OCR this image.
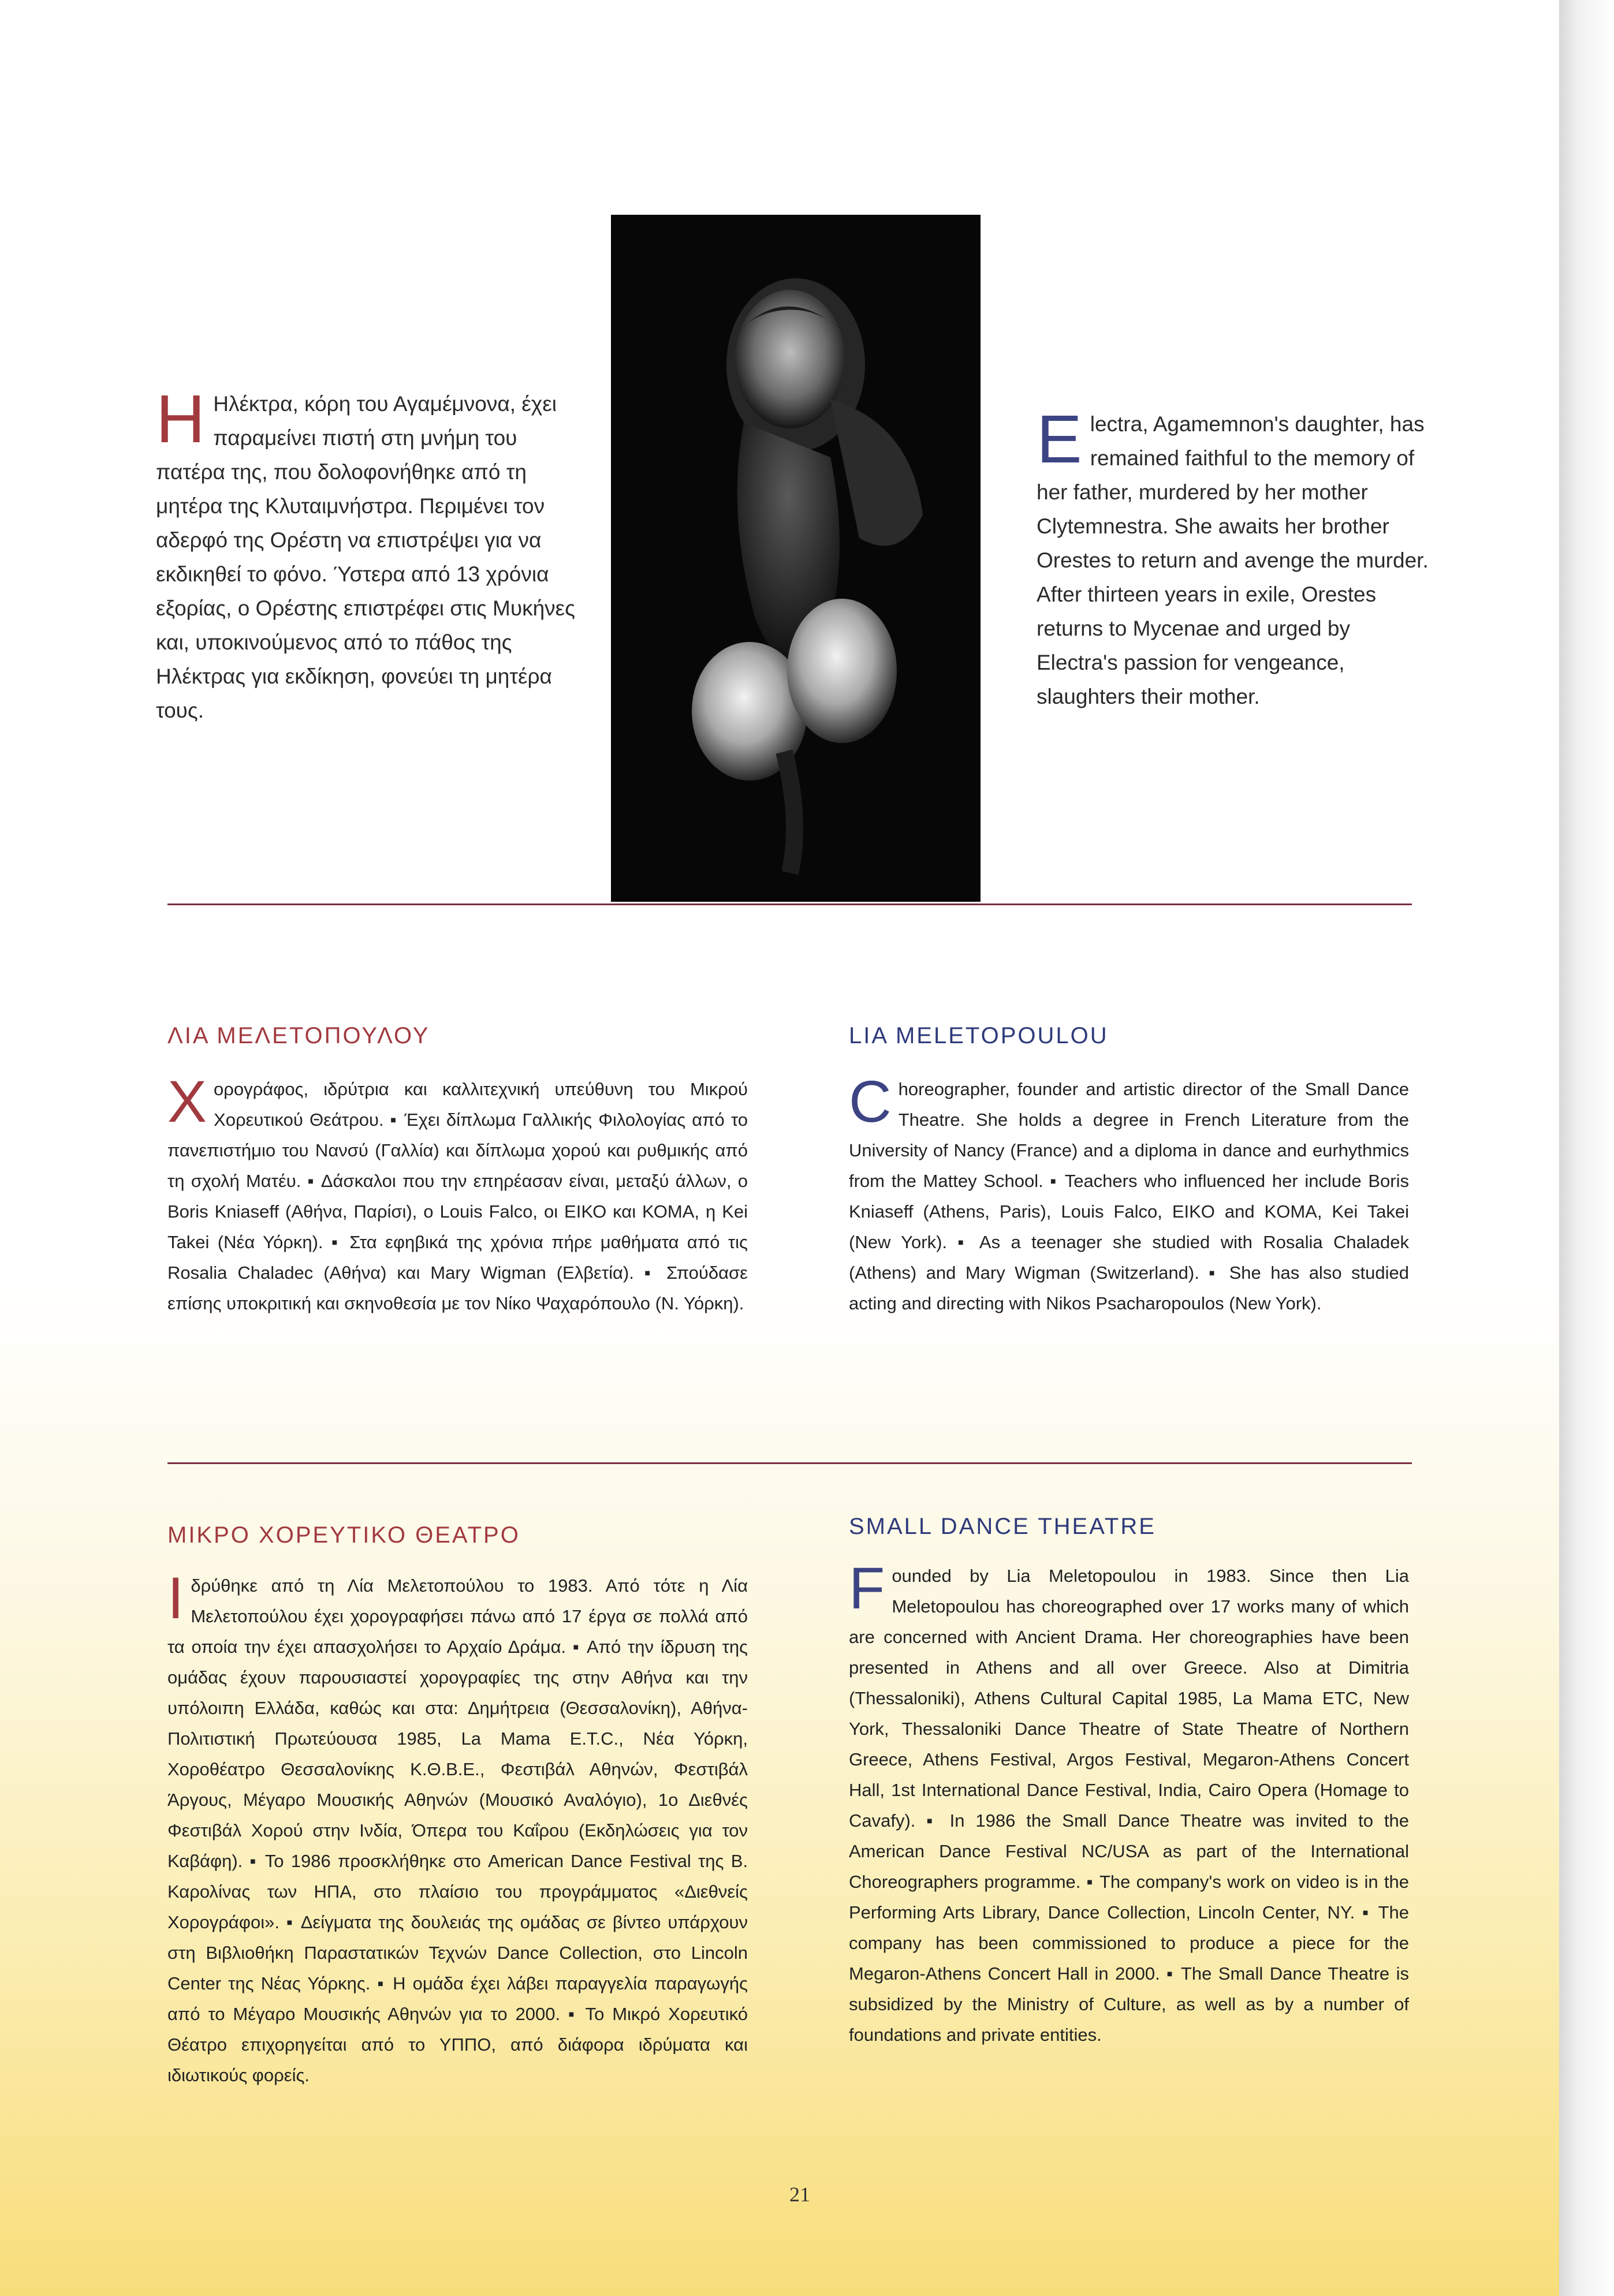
Η Ηλέκτρα, κόρη του Αγαμέμνονα, έχει παραμείνει πιστή στη μνήμη του πατέρα της, που δολοφονήθηκε από τη μητέρα της Κλυταιμνήστρα. Περιμένει τον αδερφό της Ορέστη να επιστρέψει για να εκδικηθεί το φόνο. Ύστερα από 13 χρόνια εξορίας, ο Ορέστης επιστρέφει στις Μυκήνες και, υποκινούμενος από το πάθος της Ηλέκτρας για εκδίκηση, φονεύει τη μητέρα τους.

Electra, Agamemnon's daughter, has remained faithful to the memory of her father, murdered by her mother Clytemnestra. She awaits her brother Orestes to return and avenge the murder. After thirteen years in exile, Orestes returns to Mycenae and urged by Electra's passion for vengeance, slaughters their mother.

ΛΙΑ ΜΕΛΕΤΟΠΟΥΛΟΥ	LIA MELETOPOULOU

Χορογράφος, ιδρύτρια και καλλιτεχνική υπεύθυνη του Μικρού Χορευτικού Θεάτρου. ▪ Έχει δίπλωμα Γαλλικής Φιλολογίας από το πανεπιστήμιο του Νανσύ (Γαλλία) και δίπλωμα χορού και ρυθμικής από τη σχολή Ματέυ. ▪ Δάσκαλοι που την επηρέασαν είναι, μεταξύ άλλων, ο Boris Kniaseff (Αθήνα, Παρίσι), ο Louis Falco, οι ΕΙΚΟ και ΚΟΜΑ, η Kei Takei (Νέα Υόρκη). ▪ Στα εφηβικά της χρόνια πήρε μαθήματα από τις Rosalia Chaladec (Αθήνα) και Mary Wigman (Ελβετία). ▪ Σπούδασε επίσης υποκριτική και σκηνοθεσία με τον Νίκο Ψαχαρόπουλο (Ν. Υόρκη).

Choreographer, founder and artistic director of the Small Dance Theatre. She holds a degree in French Literature from the University of Nancy (France) and a diploma in dance and eurhythmics from the Mattey School. ▪ Teachers who influenced her include Boris Kniaseff (Athens, Paris), Louis Falco, EIKO and KOMA, Kei Takei (New York). ▪ As a teenager she studied with Rosalia Chaladek (Athens) and Mary Wigman (Switzerland). ▪ She has also studied acting and directing with Nikos Psacharopoulos (New York).

ΜΙΚΡΟ ΧΟΡΕΥΤΙΚΟ ΘΕΑΤΡΟ	SMALL DANCE THEATRE

Ιδρύθηκε από τη Λία Μελετοπούλου το 1983. Από τότε η Λία Μελετοπούλου έχει χορογραφήσει πάνω από 17 έργα σε πολλά από τα οποία την έχει απασχολήσει το Αρχαίο Δράμα. ▪ Από την ίδρυση της ομάδας έχουν παρουσιαστεί χορογραφίες της στην Αθήνα και την υπόλοιπη Ελλάδα, καθώς και στα: Δημήτρεια (Θεσσαλονίκη), Αθήνα-Πολιτιστική Πρωτεύουσα 1985, La Mama E.T.C., Νέα Υόρκη, Χοροθέατρο Θεσσαλονίκης Κ.Θ.Β.Ε., Φεστιβάλ Αθηνών, Φεστιβάλ Άργους, Μέγαρο Μουσικής Αθηνών (Μουσικό Αναλόγιο), 1ο Διεθνές Φεστιβάλ Χορού στην Ινδία, Όπερα του Καΐρου (Εκδηλώσεις για τον Καβάφη). ▪ Το 1986 προσκλήθηκε στο American Dance Festival της Β. Καρολίνας των ΗΠΑ, στο πλαίσιο του προγράμματος «Διεθνείς Χορογράφοι». ▪ Δείγματα της δουλειάς της ομάδας σε βίντεο υπάρχουν στη Βιβλιοθήκη Παραστατικών Τεχνών Dance Collection, στο Lincoln Center της Νέας Υόρκης. ▪ Η ομάδα έχει λάβει παραγγελία παραγωγής από το Μέγαρο Μουσικής Αθηνών για το 2000. ▪ Το Μικρό Χορευτικό Θέατρο επιχορηγείται από το ΥΠΠΟ, από διάφορα ιδρύματα και ιδιωτικούς φορείς.

Founded by Lia Meletopoulou in 1983. Since then Lia Meletopoulou has choreographed over 17 works many of which are concerned with Ancient Drama. Her choreographies have been presented in Athens and all over Greece. Also at Dimitria (Thessaloniki), Athens Cultural Capital 1985, La Mama ETC, New York, Thessaloniki Dance Theatre of State Theatre of Northern Greece, Athens Festival, Argos Festival, Megaron-Athens Concert Hall, 1st International Dance Festival, India, Cairo Opera (Homage to Cavafy). ▪ In 1986 the Small Dance Theatre was invited to the American Dance Festival NC/USA as part of the International Choreographers programme. ▪ The company's work on video is in the Performing Arts Library, Dance Collection, Lincoln Center, NY. ▪ The company has been commissioned to produce a piece for the Megaron-Athens Concert Hall in 2000. ▪ The Small Dance Theatre is subsidized by the Ministry of Culture, as well as by a number of foundations and private entities.

21
